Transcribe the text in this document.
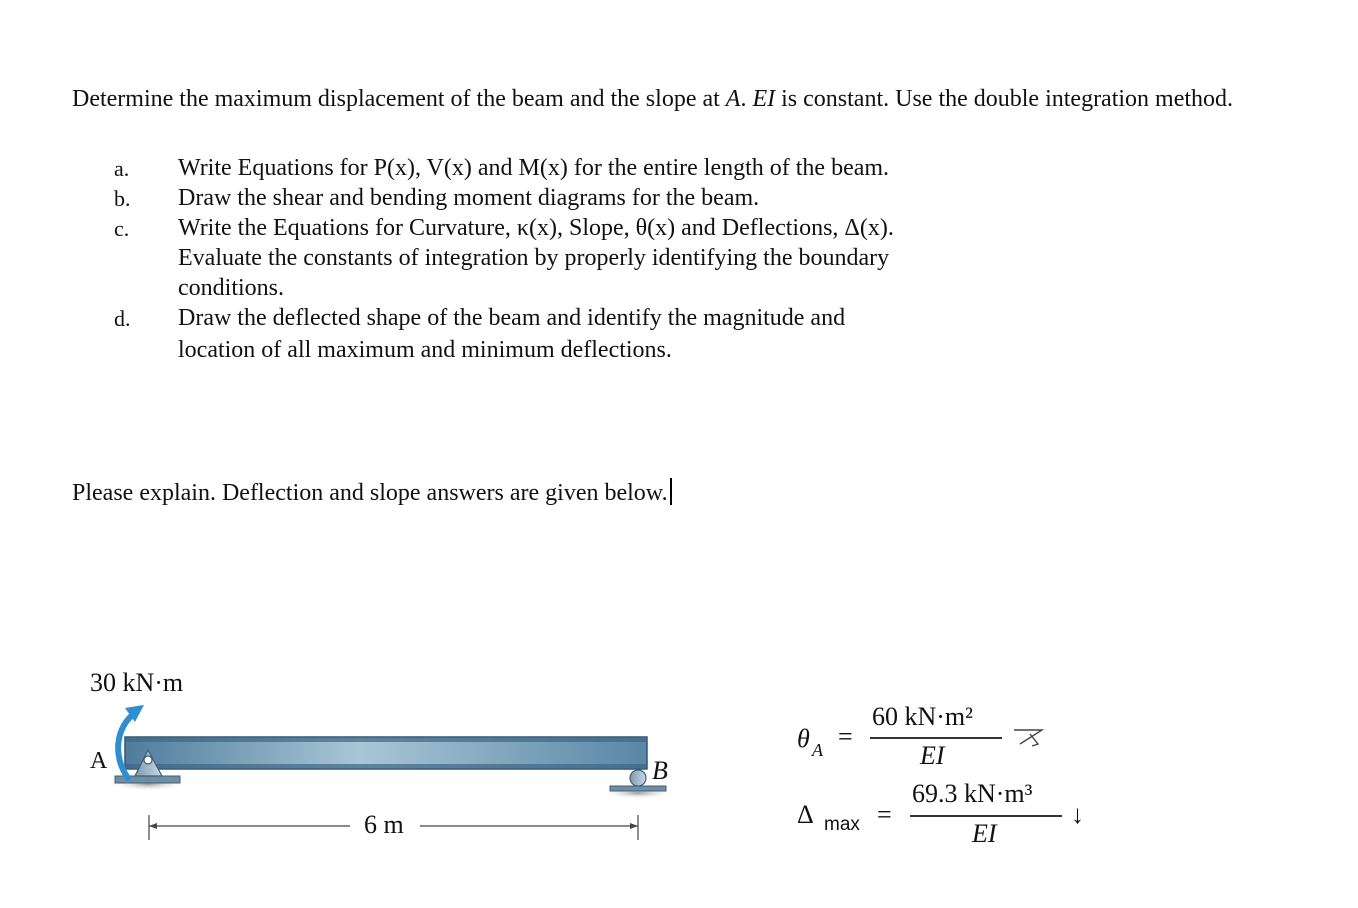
Determine the maximum displacement of the beam and the slope at A. EI is constant. Use the double integration method.
a. Write Equations for P(x), V(x) and M(x) for the entire length of the beam.
b. Draw the shear and bending moment diagrams for the beam.
c. Write the Equations for Curvature, κ(x), Slope, θ(x) and Deflections, Δ(x).
Evaluate the constants of integration by properly identifying the boundary
conditions.
d. Draw the deflected shape of the beam and identify the magnitude and
location of all maximum and minimum deflections.
Please explain. Deflection and slope answers are given below.
30 kN·m
A	B
6 m
θ A =
60 kN·m²
EI
Δ max =
69.3 kN·m³
EI
↓
